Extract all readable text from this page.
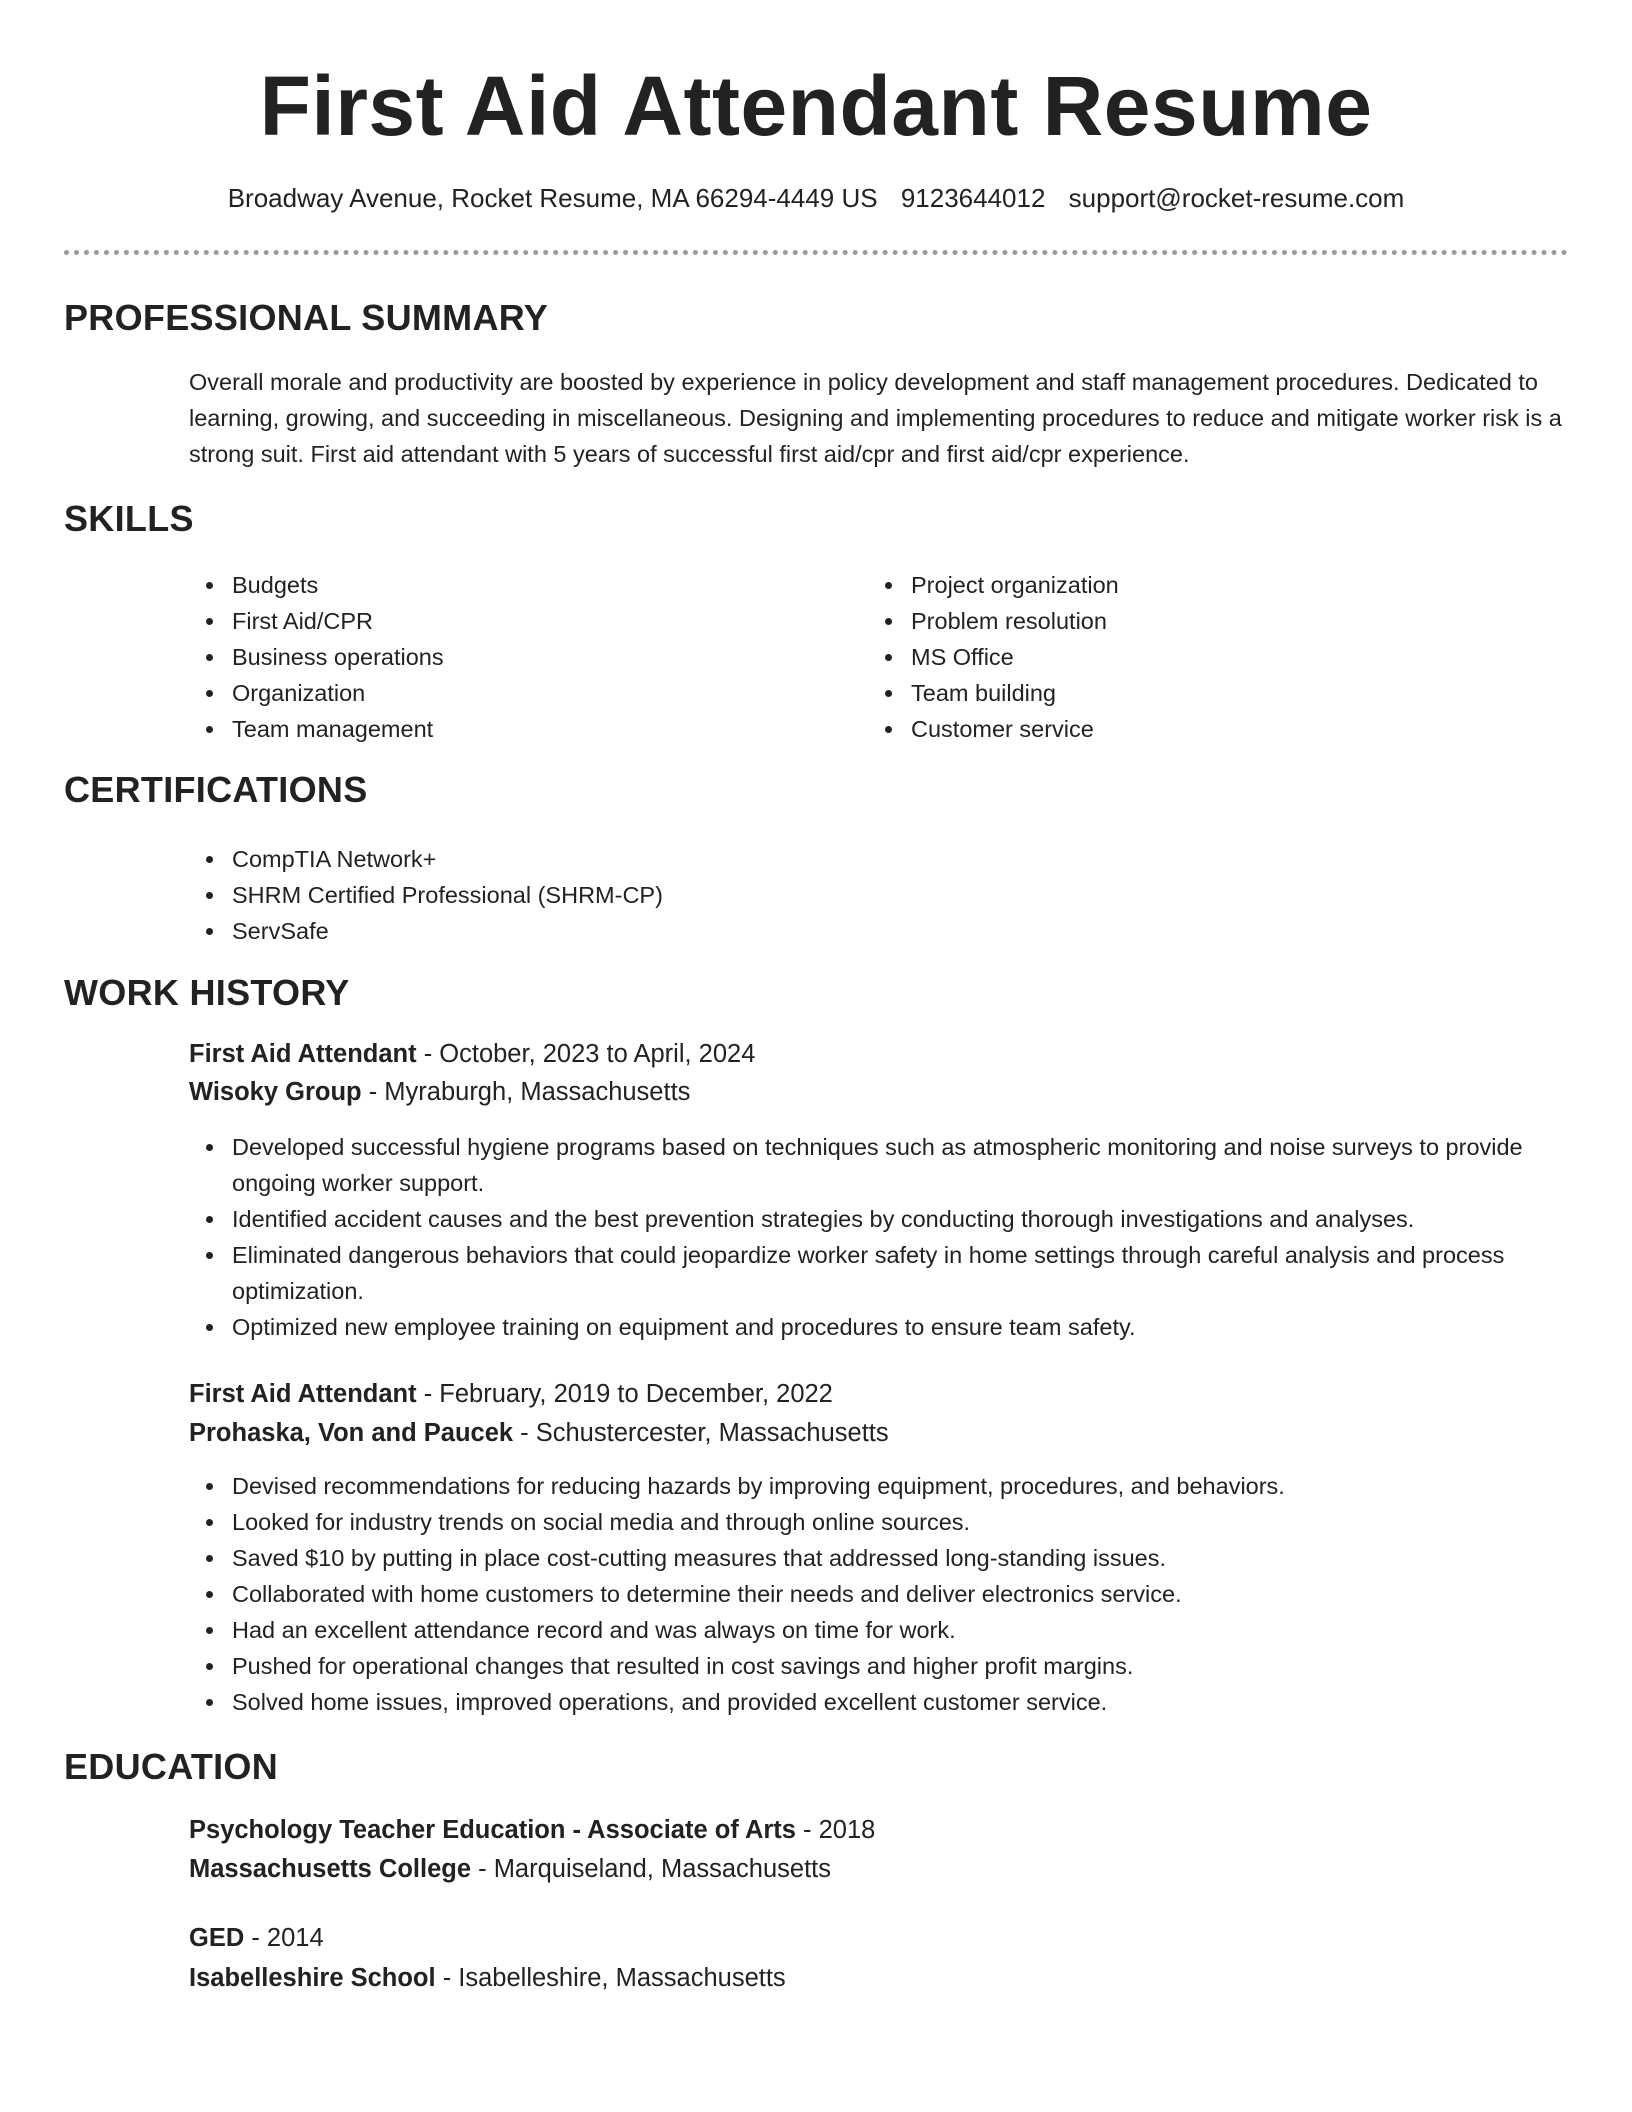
First Aid Attendant Resume
Broadway Avenue, Rocket Resume, MA 66294-4449 US 9123644012 support@rocket-resume.com
PROFESSIONAL SUMMARY
Overall morale and productivity are boosted by experience in policy development and staff management procedures. Dedicated to learning, growing, and succeeding in miscellaneous. Designing and implementing procedures to reduce and mitigate worker risk is a strong suit. First aid attendant with 5 years of successful first aid/cpr and first aid/cpr experience.
SKILLS
Budgets
First Aid/CPR
Business operations
Organization
Team management
Project organization
Problem resolution
MS Office
Team building
Customer service
CERTIFICATIONS
CompTIA Network+
SHRM Certified Professional (SHRM-CP)
ServSafe
WORK HISTORY
First Aid Attendant - October, 2023 to April, 2024
Wisoky Group - Myraburgh, Massachusetts
Developed successful hygiene programs based on techniques such as atmospheric monitoring and noise surveys to provide ongoing worker support.
Identified accident causes and the best prevention strategies by conducting thorough investigations and analyses.
Eliminated dangerous behaviors that could jeopardize worker safety in home settings through careful analysis and process optimization.
Optimized new employee training on equipment and procedures to ensure team safety.
First Aid Attendant - February, 2019 to December, 2022
Prohaska, Von and Paucek - Schustercester, Massachusetts
Devised recommendations for reducing hazards by improving equipment, procedures, and behaviors.
Looked for industry trends on social media and through online sources.
Saved $10 by putting in place cost-cutting measures that addressed long-standing issues.
Collaborated with home customers to determine their needs and deliver electronics service.
Had an excellent attendance record and was always on time for work.
Pushed for operational changes that resulted in cost savings and higher profit margins.
Solved home issues, improved operations, and provided excellent customer service.
EDUCATION
Psychology Teacher Education - Associate of Arts - 2018
Massachusetts College - Marquiseland, Massachusetts
GED - 2014
Isabelleshire School - Isabelleshire, Massachusetts
